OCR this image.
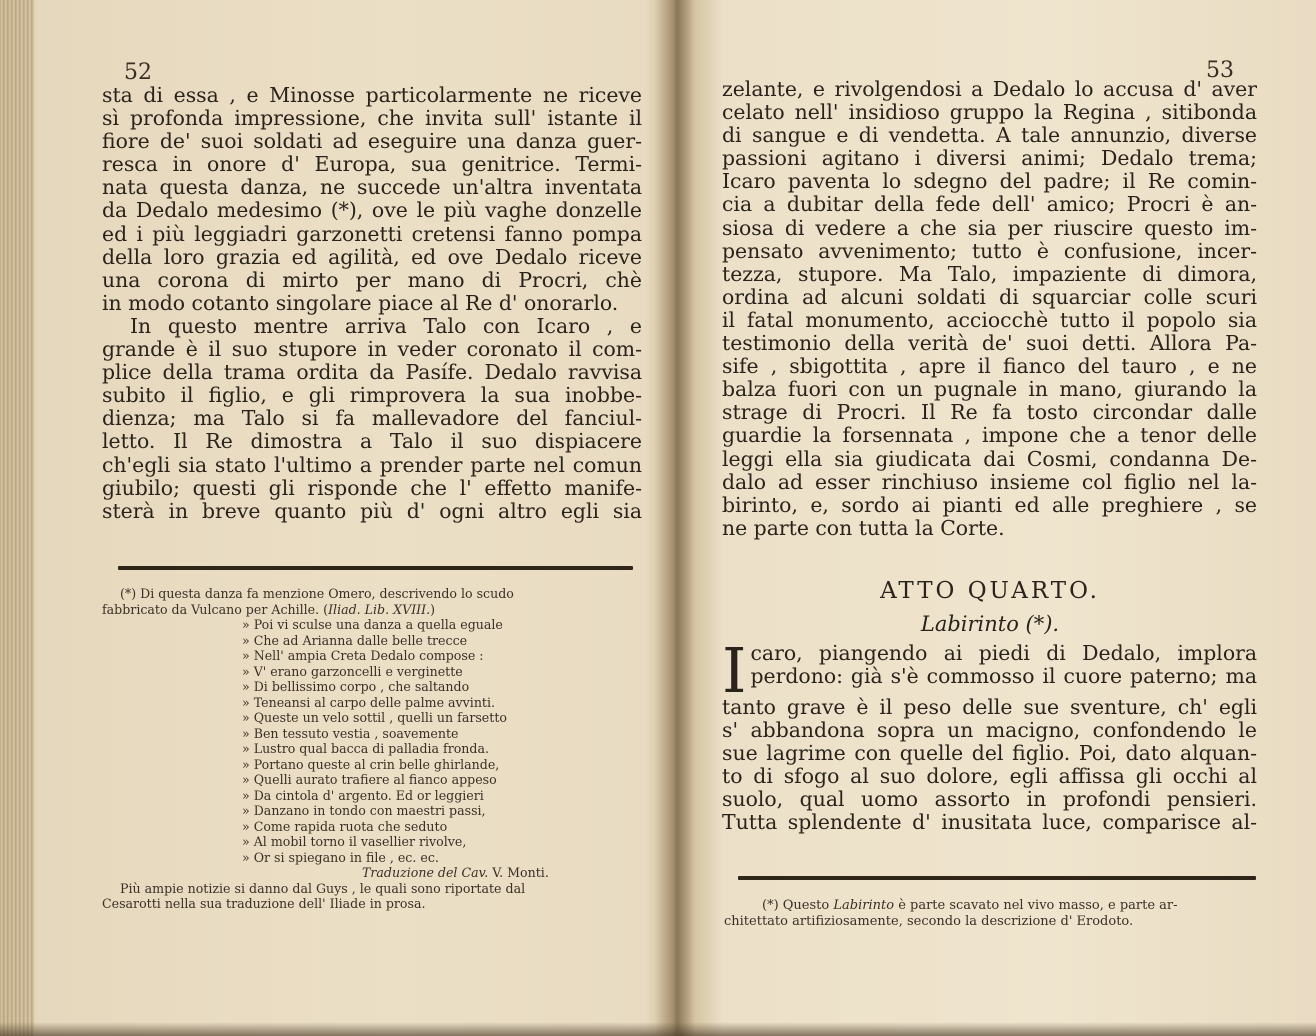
52
sta di essa , e Minosse particolarmente ne riceve
sì profonda impressione, che invita sull' istante il
fiore de' suoi soldati ad eseguire una danza guer-
resca in onore d' Europa, sua genitrice. Termi-
nata questa danza, ne succede un'altra inventata
da Dedalo medesimo (*), ove le più vaghe donzelle
ed i più leggiadri garzonetti cretensi fanno pompa
della loro grazia ed agilità, ed ove Dedalo riceve
una corona di mirto per mano di Procri, chè
in modo cotanto singolare piace al Re d' onorarlo.
In questo mentre arriva Talo con Icaro , e
grande è il suo stupore in veder coronato il com-
plice della trama ordita da Pasífe. Dedalo ravvisa
subito il figlio, e gli rimprovera la sua inobbe-
dienza; ma Talo si fa mallevadore del fanciul-
letto. Il Re dimostra a Talo il suo dispiacere
ch'egli sia stato l'ultimo a prender parte nel comun
giubilo; questi gli risponde che l' effetto manife-
sterà in breve quanto più d' ogni altro egli sia
(*) Di questa danza fa menzione Omero, descrivendo lo scudo
fabbricato da Vulcano per Achille. (Iliad. Lib. XVIII.)
» Poi vi sculse una danza a quella eguale
» Che ad Arianna dalle belle trecce
» Nell' ampia Creta Dedalo compose :
» V' erano garzoncelli e verginette
» Di bellissimo corpo , che saltando
» Teneansi al carpo delle palme avvinti.
» Queste un velo sottil , quelli un farsetto
» Ben tessuto vestia , soavemente
» Lustro qual bacca di palladia fronda.
» Portano queste al crin belle ghirlande,
» Quelli aurato trafiere al fianco appeso
» Da cintola d' argento. Ed or leggieri
» Danzano in tondo con maestri passi,
» Come rapida ruota che seduto
» Al mobil torno il vasellier rivolve,
» Or si spiegano in file , ec. ec.
Traduzione del Cav. V. Monti.
Più ampie notizie si danno dal Guys , le quali sono riportate dal
Cesarotti nella sua traduzione dell' Iliade in prosa.
53
zelante, e rivolgendosi a Dedalo lo accusa d' aver
celato nell' insidioso gruppo la Regina , sitibonda
di sangue e di vendetta. A tale annunzio, diverse
passioni agitano i diversi animi; Dedalo trema;
Icaro paventa lo sdegno del padre; il Re comin-
cia a dubitar della fede dell' amico; Procri è an-
siosa di vedere a che sia per riuscire questo im-
pensato avvenimento; tutto è confusione, incer-
tezza, stupore. Ma Talo, impaziente di dimora,
ordina ad alcuni soldati di squarciar colle scuri
il fatal monumento, acciocchè tutto il popolo sia
testimonio della verità de' suoi detti. Allora Pa-
sife , sbigottita , apre il fianco del tauro , e ne
balza fuori con un pugnale in mano, giurando la
strage di Procri. Il Re fa tosto circondar dalle
guardie la forsennata , impone che a tenor delle
leggi ella sia giudicata dai Cosmi, condanna De-
dalo ad esser rinchiuso insieme col figlio nel la-
birinto, e, sordo ai pianti ed alle preghiere , se
ne parte con tutta la Corte.
ATTO QUARTO.
Labirinto (*).
I caro, piangendo ai piedi di Dedalo, implora
perdono: già s'è commosso il cuore paterno; ma
tanto grave è il peso delle sue sventure, ch' egli
s' abbandona sopra un macigno, confondendo le
sue lagrime con quelle del figlio. Poi, dato alquan-
to di sfogo al suo dolore, egli affissa gli occhi al
suolo, qual uomo assorto in profondi pensieri.
Tutta splendente d' inusitata luce, comparisce al-
(*) Questo Labirinto è parte scavato nel vivo masso, e parte ar-
chitettato artifiziosamente, secondo la descrizione d' Erodoto.
